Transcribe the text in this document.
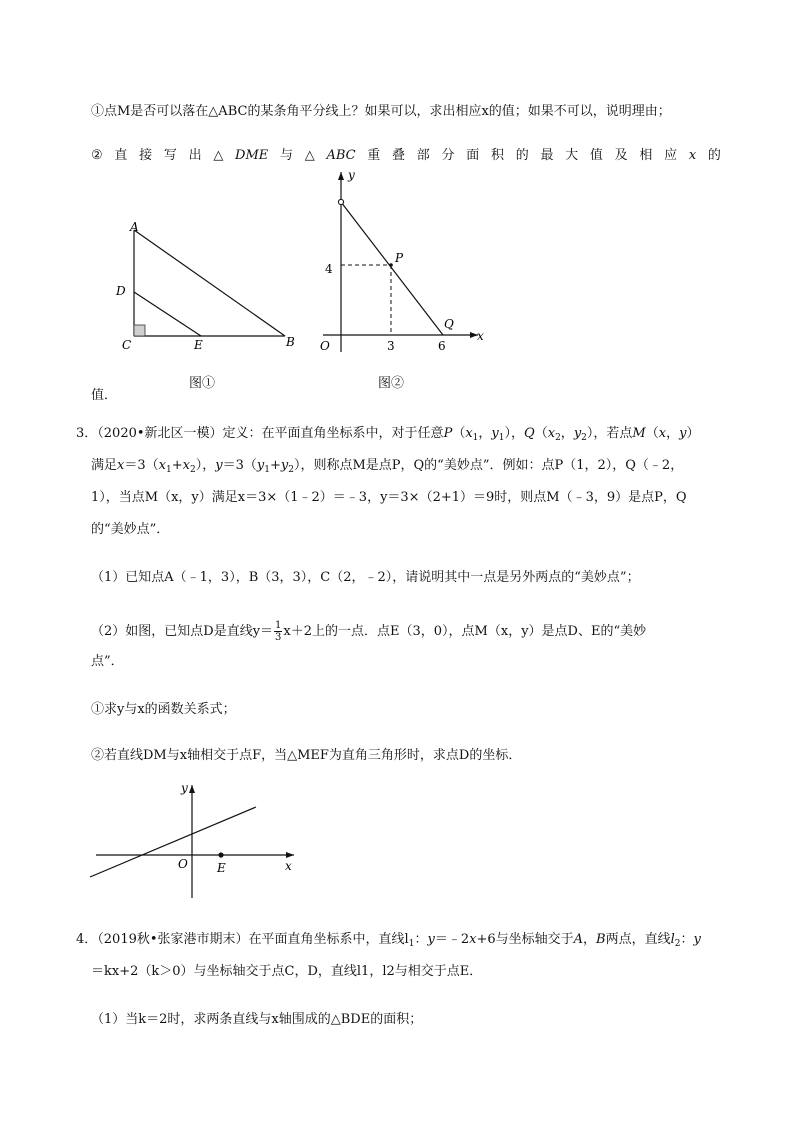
①点M是否可以落在△ABC的某条角平分线上？如果可以，求出相应x的值；如果不可以，说明理由；
② 直 接 写 出 △ DME 与 △ ABC 重 叠 部 分 面 积 的 最 大 值 及 相 应 x 的
A
D
C	E	B
y
x
O
P
Q
4
3	6
值．
图①	图②
3．（2020•新北区一模）定义：在平面直角坐标系中，对于任意$P(x_1$，$y_1$），$Q(x_2$，$y_2$），若点M（x，y）
满足$x=3(x_1+x_2)$，$y=3(y_1+y_2)$，则称点M是点P，Q的“美妙点”．例如：点P（1，2），Q（﹣2，
1），当点M（x，y）满足x＝3×（1﹣2）＝﹣3，y＝3×（2+1）＝9时，则点M（﹣3，9）是点P，Q
的“美妙点”．
（1）已知点A（﹣1，3），B（3，3），C（2，﹣2），请说明其中一点是另外两点的“美妙点”；
（2）如图，已知点D是直线$y= \frac{1}{3} x+2$上的一点．点E（3，0），点M（x，y）是点D、E的“美妙
点”．
①求y与x的函数关系式；
②若直线DM与x轴相交于点F，当△MEF为直角三角形时，求点D的坐标．
y
O E	x
4．（2019秋•张家港市期末）在平面直角坐标系中，直线$l_1$：y＝﹣2x+6与坐标轴交于A，B两点，直线$l_2$：y
＝kx+2（k＞0）与坐标轴交于点C，D，直线l1，l2与相交于点E．
（1）当k＝2时，求两条直线与x轴围成的△BDE的面积；
